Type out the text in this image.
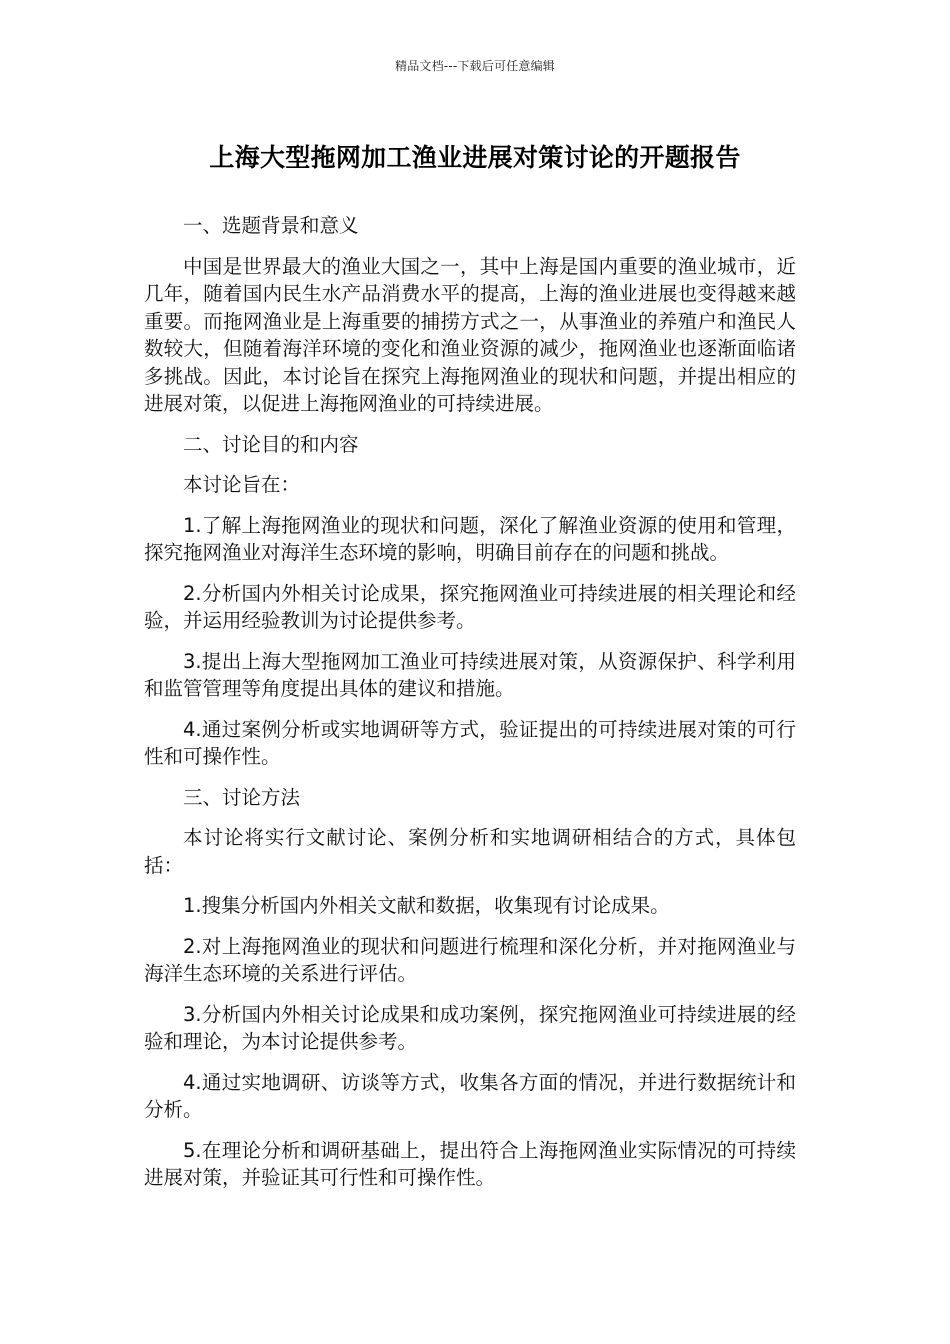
精品文档---下载后可任意编辑
上海大型拖网加工渔业进展对策讨论的开题报告

一、选题背景和意义

中国是世界最大的渔业大国之一，其中上海是国内重要的渔业城市，近几年，随着国内民生水产品消费水平的提高，上海的渔业进展也变得越来越重要。而拖网渔业是上海重要的捕捞方式之一，从事渔业的养殖户和渔民人数较大，但随着海洋环境的变化和渔业资源的减少，拖网渔业也逐渐面临诸多挑战。因此，本讨论旨在探究上海拖网渔业的现状和问题，并提出相应的进展对策，以促进上海拖网渔业的可持续进展。

二、讨论目的和内容

本讨论旨在：

1.了解上海拖网渔业的现状和问题，深化了解渔业资源的使用和管理，探究拖网渔业对海洋生态环境的影响，明确目前存在的问题和挑战。

2.分析国内外相关讨论成果，探究拖网渔业可持续进展的相关理论和经验，并运用经验教训为讨论提供参考。

3.提出上海大型拖网加工渔业可持续进展对策，从资源保护、科学利用和监管管理等角度提出具体的建议和措施。

4.通过案例分析或实地调研等方式，验证提出的可持续进展对策的可行性和可操作性。

三、讨论方法

本讨论将实行文献讨论、案例分析和实地调研相结合的方式，具体包括：

1.搜集分析国内外相关文献和数据，收集现有讨论成果。

2.对上海拖网渔业的现状和问题进行梳理和深化分析，并对拖网渔业与海洋生态环境的关系进行评估。

3.分析国内外相关讨论成果和成功案例，探究拖网渔业可持续进展的经验和理论，为本讨论提供参考。

4.通过实地调研、访谈等方式，收集各方面的情况，并进行数据统计和分析。

5.在理论分析和调研基础上，提出符合上海拖网渔业实际情况的可持续进展对策，并验证其可行性和可操作性。
